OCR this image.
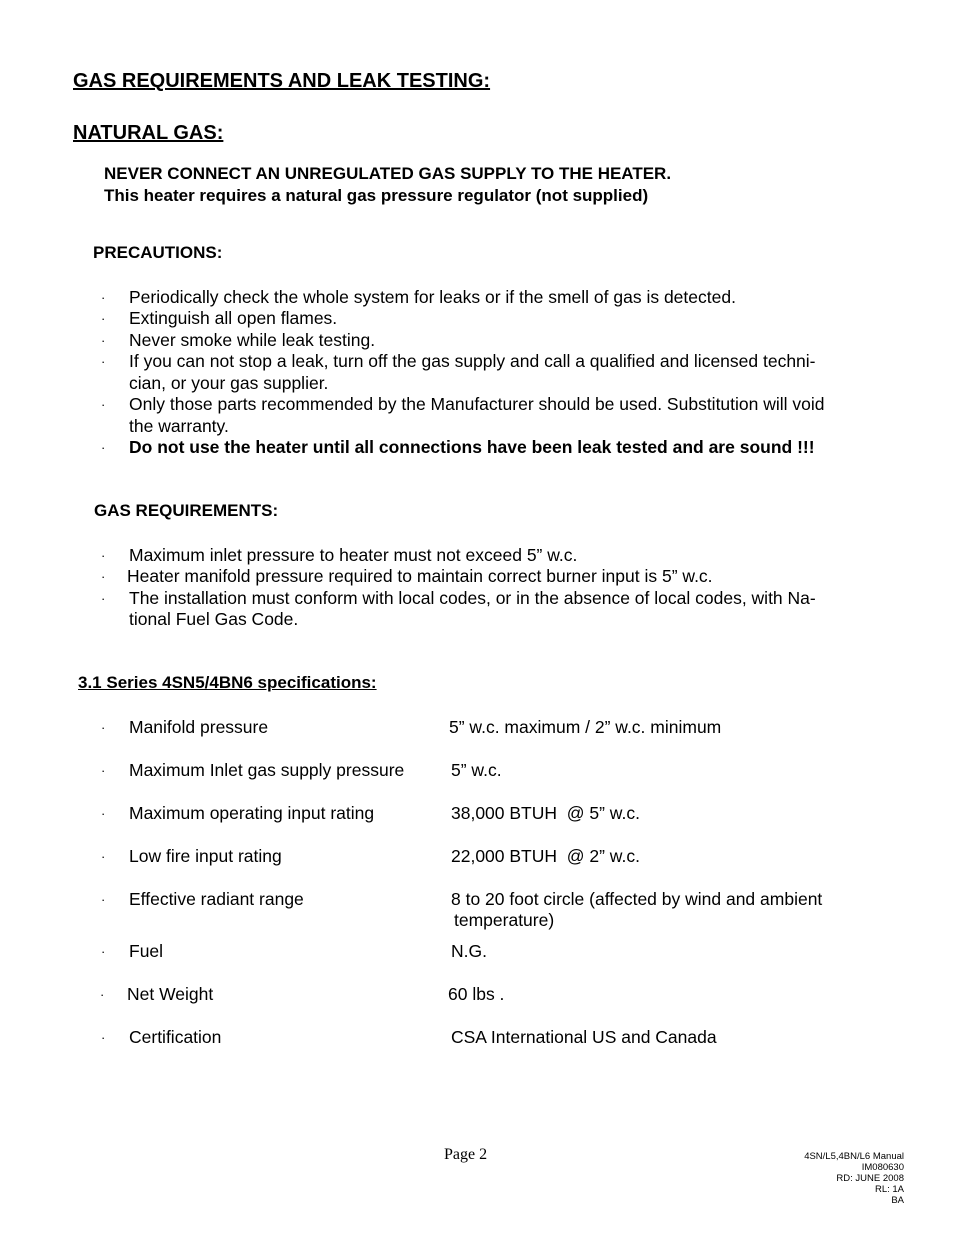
GAS REQUIREMENTS AND LEAK TESTING:
NATURAL GAS:
NEVER CONNECT AN UNREGULATED GAS SUPPLY TO THE HEATER.
This heater requires a natural gas pressure regulator (not supplied)
PRECAUTIONS:
· Periodically check the whole system for leaks or if the smell of gas is detected.
· Extinguish all open flames.
· Never smoke while leak testing.
· If you can not stop a leak, turn off the gas supply and call a qualified and licensed techni-
cian, or your gas supplier.
· Only those parts recommended by the Manufacturer should be used. Substitution will void
the warranty.
· Do not use the heater until all connections have been leak tested and are sound !!!
GAS REQUIREMENTS:
· Maximum inlet pressure to heater must not exceed 5” w.c.
· Heater manifold pressure required to maintain correct burner input is 5” w.c.
· The installation must conform with local codes, or in the absence of local codes, with Na-
tional Fuel Gas Code.
3.1 Series 4SN5/4BN6 specifications:
· Manifold pressure	5” w.c. maximum / 2” w.c. minimum
· Maximum Inlet gas supply pressure	5” w.c.
· Maximum operating input rating	38,000 BTUH  @ 5” w.c.
· Low fire input rating	22,000 BTUH  @ 2” w.c.
· Effective radiant range	8 to 20 foot circle (affected by wind and ambient
temperature)
· Fuel	N.G.
· Net Weight	60 lbs .
· Certification	CSA International US and Canada
Page 2	4SN/L5,4BN/L6 Manual
IM080630
RD: JUNE 2008
RL: 1A
BA
